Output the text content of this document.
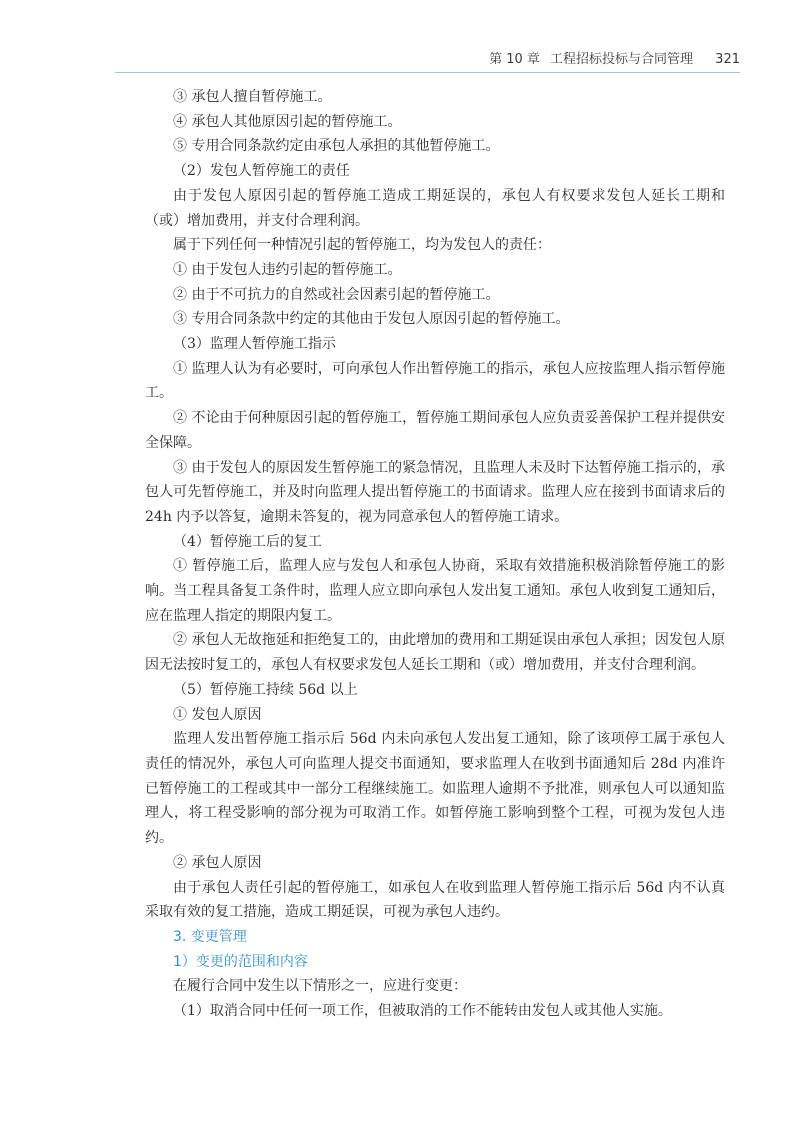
第 10 章 工程招标投标与合同管理 321

③ 承包人擅自暂停施工。

④ 承包人其他原因引起的暂停施工。

⑤ 专用合同条款约定由承包人承担的其他暂停施工。

（2）发包人暂停施工的责任

由于发包人原因引起的暂停施工造成工期延误的，承包人有权要求发包人延长工期和（或）增加费用，并支付合理利润。

属于下列任何一种情况引起的暂停施工，均为发包人的责任：

① 由于发包人违约引起的暂停施工。

② 由于不可抗力的自然或社会因素引起的暂停施工。

③ 专用合同条款中约定的其他由于发包人原因引起的暂停施工。

（3）监理人暂停施工指示

① 监理人认为有必要时，可向承包人作出暂停施工的指示，承包人应按监理人指示暂停施工。

② 不论由于何种原因引起的暂停施工，暂停施工期间承包人应负责妥善保护工程并提供安全保障。

③ 由于发包人的原因发生暂停施工的紧急情况，且监理人未及时下达暂停施工指示的，承包人可先暂停施工，并及时向监理人提出暂停施工的书面请求。监理人应在接到书面请求后的 24h 内予以答复，逾期未答复的，视为同意承包人的暂停施工请求。

（4）暂停施工后的复工

① 暂停施工后，监理人应与发包人和承包人协商，采取有效措施积极消除暂停施工的影响。当工程具备复工条件时，监理人应立即向承包人发出复工通知。承包人收到复工通知后，应在监理人指定的期限内复工。

② 承包人无故拖延和拒绝复工的，由此增加的费用和工期延误由承包人承担；因发包人原因无法按时复工的，承包人有权要求发包人延长工期和（或）增加费用，并支付合理利润。

（5）暂停施工持续 56d 以上

① 发包人原因

监理人发出暂停施工指示后 56d 内未向承包人发出复工通知，除了该项停工属于承包人责任的情况外，承包人可向监理人提交书面通知，要求监理人在收到书面通知后 28d 内准许已暂停施工的工程或其中一部分工程继续施工。如监理人逾期不予批准，则承包人可以通知监理人，将工程受影响的部分视为可取消工作。如暂停施工影响到整个工程，可视为发包人违约。

② 承包人原因

由于承包人责任引起的暂停施工，如承包人在收到监理人暂停施工指示后 56d 内不认真采取有效的复工措施，造成工期延误，可视为承包人违约。

3. 变更管理

1）变更的范围和内容

在履行合同中发生以下情形之一，应进行变更：

（1）取消合同中任何一项工作，但被取消的工作不能转由发包人或其他人实施。
